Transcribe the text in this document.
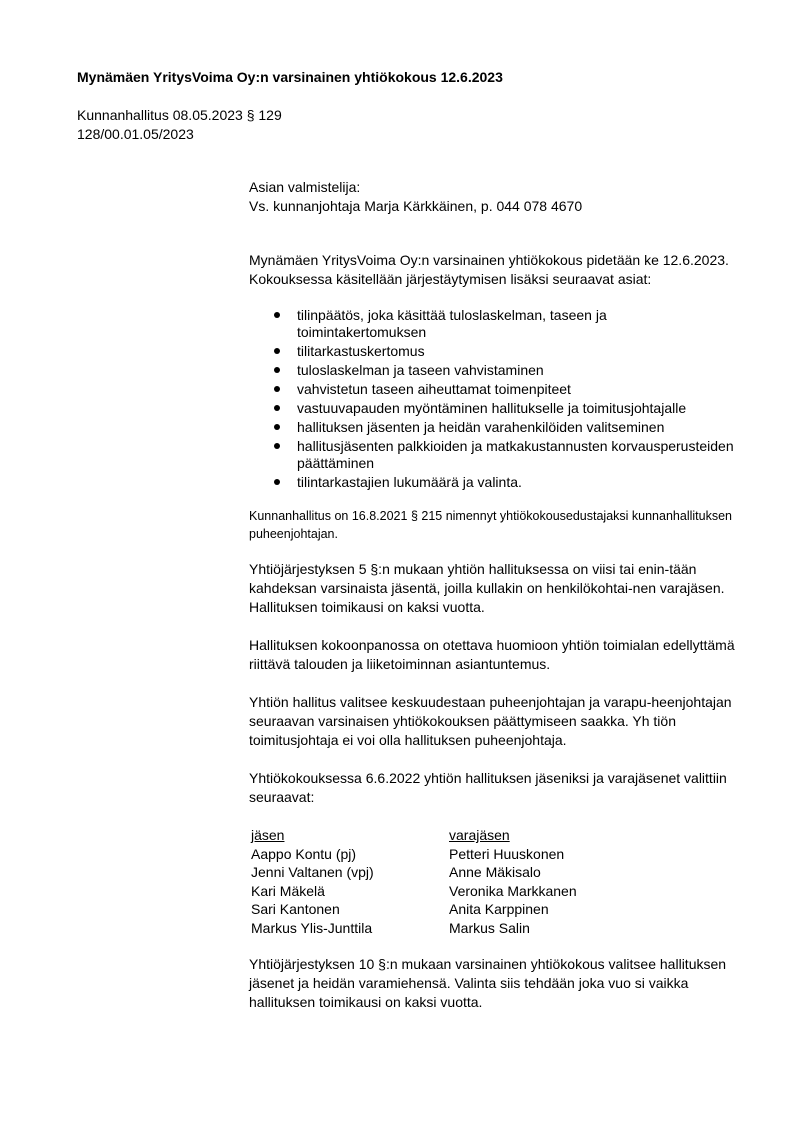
Mynämäen YritysVoima Oy:n varsinainen yhtiökokous 12.6.2023
Kunnanhallitus 08.05.2023 § 129
128/00.01.05/2023

Asian valmistelija:
Vs. kunnanjohtaja Marja Kärkkäinen, p. 044 078 4670

Mynämäen YritysVoima Oy:n varsinainen yhtiökokous pidetään ke 12.6.2023. Kokouksessa käsitellään järjestäytymisen lisäksi seuraavat asiat:

tilinpäätös, joka käsittää tuloslaskelman, taseen ja toimintakertomuksen
tilitarkastuskertomus
tuloslaskelman ja taseen vahvistaminen
vahvistetun taseen aiheuttamat toimenpiteet
vastuuvapauden myöntäminen hallitukselle ja toimitusjohtajalle
hallituksen jäsenten ja heidän varahenkilöiden valitseminen
hallitusjäsenten palkkioiden ja matkakustannusten korvausperusteiden päättäminen
tilintarkastajien lukumäärä ja valinta.

Kunnanhallitus on 16.8.2021 § 215 nimennyt yhtiökokousedustajaksi kunnanhallituksen puheenjohtajan.

Yhtiöjärjestyksen 5 §:n mukaan yhtiön hallituksessa on viisi tai enin-tään kahdeksan varsinaista jäsentä, joilla kullakin on henkilökohtai-nen varajäsen. Hallituksen toimikausi on kaksi vuotta.

Hallituksen kokoonpanossa on otettava huomioon yhtiön toimialan edellyttämä riittävä talouden ja liiketoiminnan asiantuntemus.

Yhtiön hallitus valitsee keskuudestaan puheenjohtajan ja varapu-heenjohtajan seuraavan varsinaisen yhtiökokouksen päättymiseen saakka. Yh tiön toimitusjohtaja ei voi olla hallituksen puheenjohtaja.

Yhtiökokouksessa 6.6.2022 yhtiön hallituksen jäseniksi ja varajäsenet valittiin seuraavat:

jäsen	varajäsen
Aappo Kontu (pj)	Petteri Huuskonen
Jenni Valtanen (vpj)	Anne Mäkisalo
Kari Mäkelä	Veronika Markkanen
Sari Kantonen	Anita Karppinen
Markus Ylis-Junttila	Markus Salin

Yhtiöjärjestyksen 10 §:n mukaan varsinainen yhtiökokous valitsee hallituksen jäsenet ja heidän varamiehensä. Valinta siis tehdään joka vuo si vaikka hallituksen toimikausi on kaksi vuotta.
